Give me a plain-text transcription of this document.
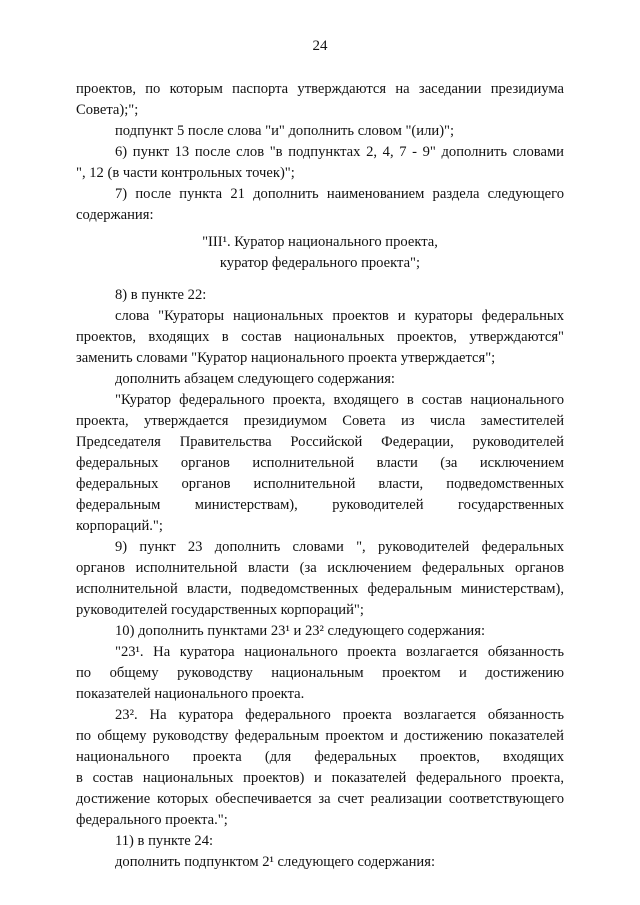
24
проектов, по которым паспорта утверждаются на заседании президиума
Совета);";
подпункт 5 после слова "и" дополнить словом "(или)";
6) пункт 13 после слов "в подпунктах 2, 4, 7 - 9" дополнить словами
", 12 (в части контрольных точек)";
7) после пункта 21 дополнить наименованием раздела следующего
содержания:
"III¹. Куратор национального проекта,
куратор федерального проекта";
8) в пункте 22:
слова "Кураторы национальных проектов и кураторы федеральных
проектов, входящих в состав национальных проектов, утверждаются"
заменить словами "Куратор национального проекта утверждается";
дополнить абзацем следующего содержания:
"Куратор федерального проекта, входящего в состав национального
проекта, утверждается президиумом Совета из числа заместителей
Председателя Правительства Российской Федерации, руководителей
федеральных органов исполнительной власти (за исключением
федеральных органов исполнительной власти, подведомственных
федеральным министерствам), руководителей государственных
корпораций.";
9) пункт 23 дополнить словами ", руководителей федеральных
органов исполнительной власти (за исключением федеральных органов
исполнительной власти, подведомственных федеральным министерствам),
руководителей государственных корпораций";
10) дополнить пунктами 23¹ и 23² следующего содержания:
"23¹. На куратора национального проекта возлагается обязанность
по общему руководству национальным проектом и достижению
показателей национального проекта.
23². На куратора федерального проекта возлагается обязанность
по общему руководству федеральным проектом и достижению показателей
национального проекта (для федеральных проектов, входящих
в состав национальных проектов) и показателей федерального проекта,
достижение которых обеспечивается за счет реализации соответствующего
федерального проекта.";
11) в пункте 24:
дополнить подпунктом 2¹ следующего содержания:
